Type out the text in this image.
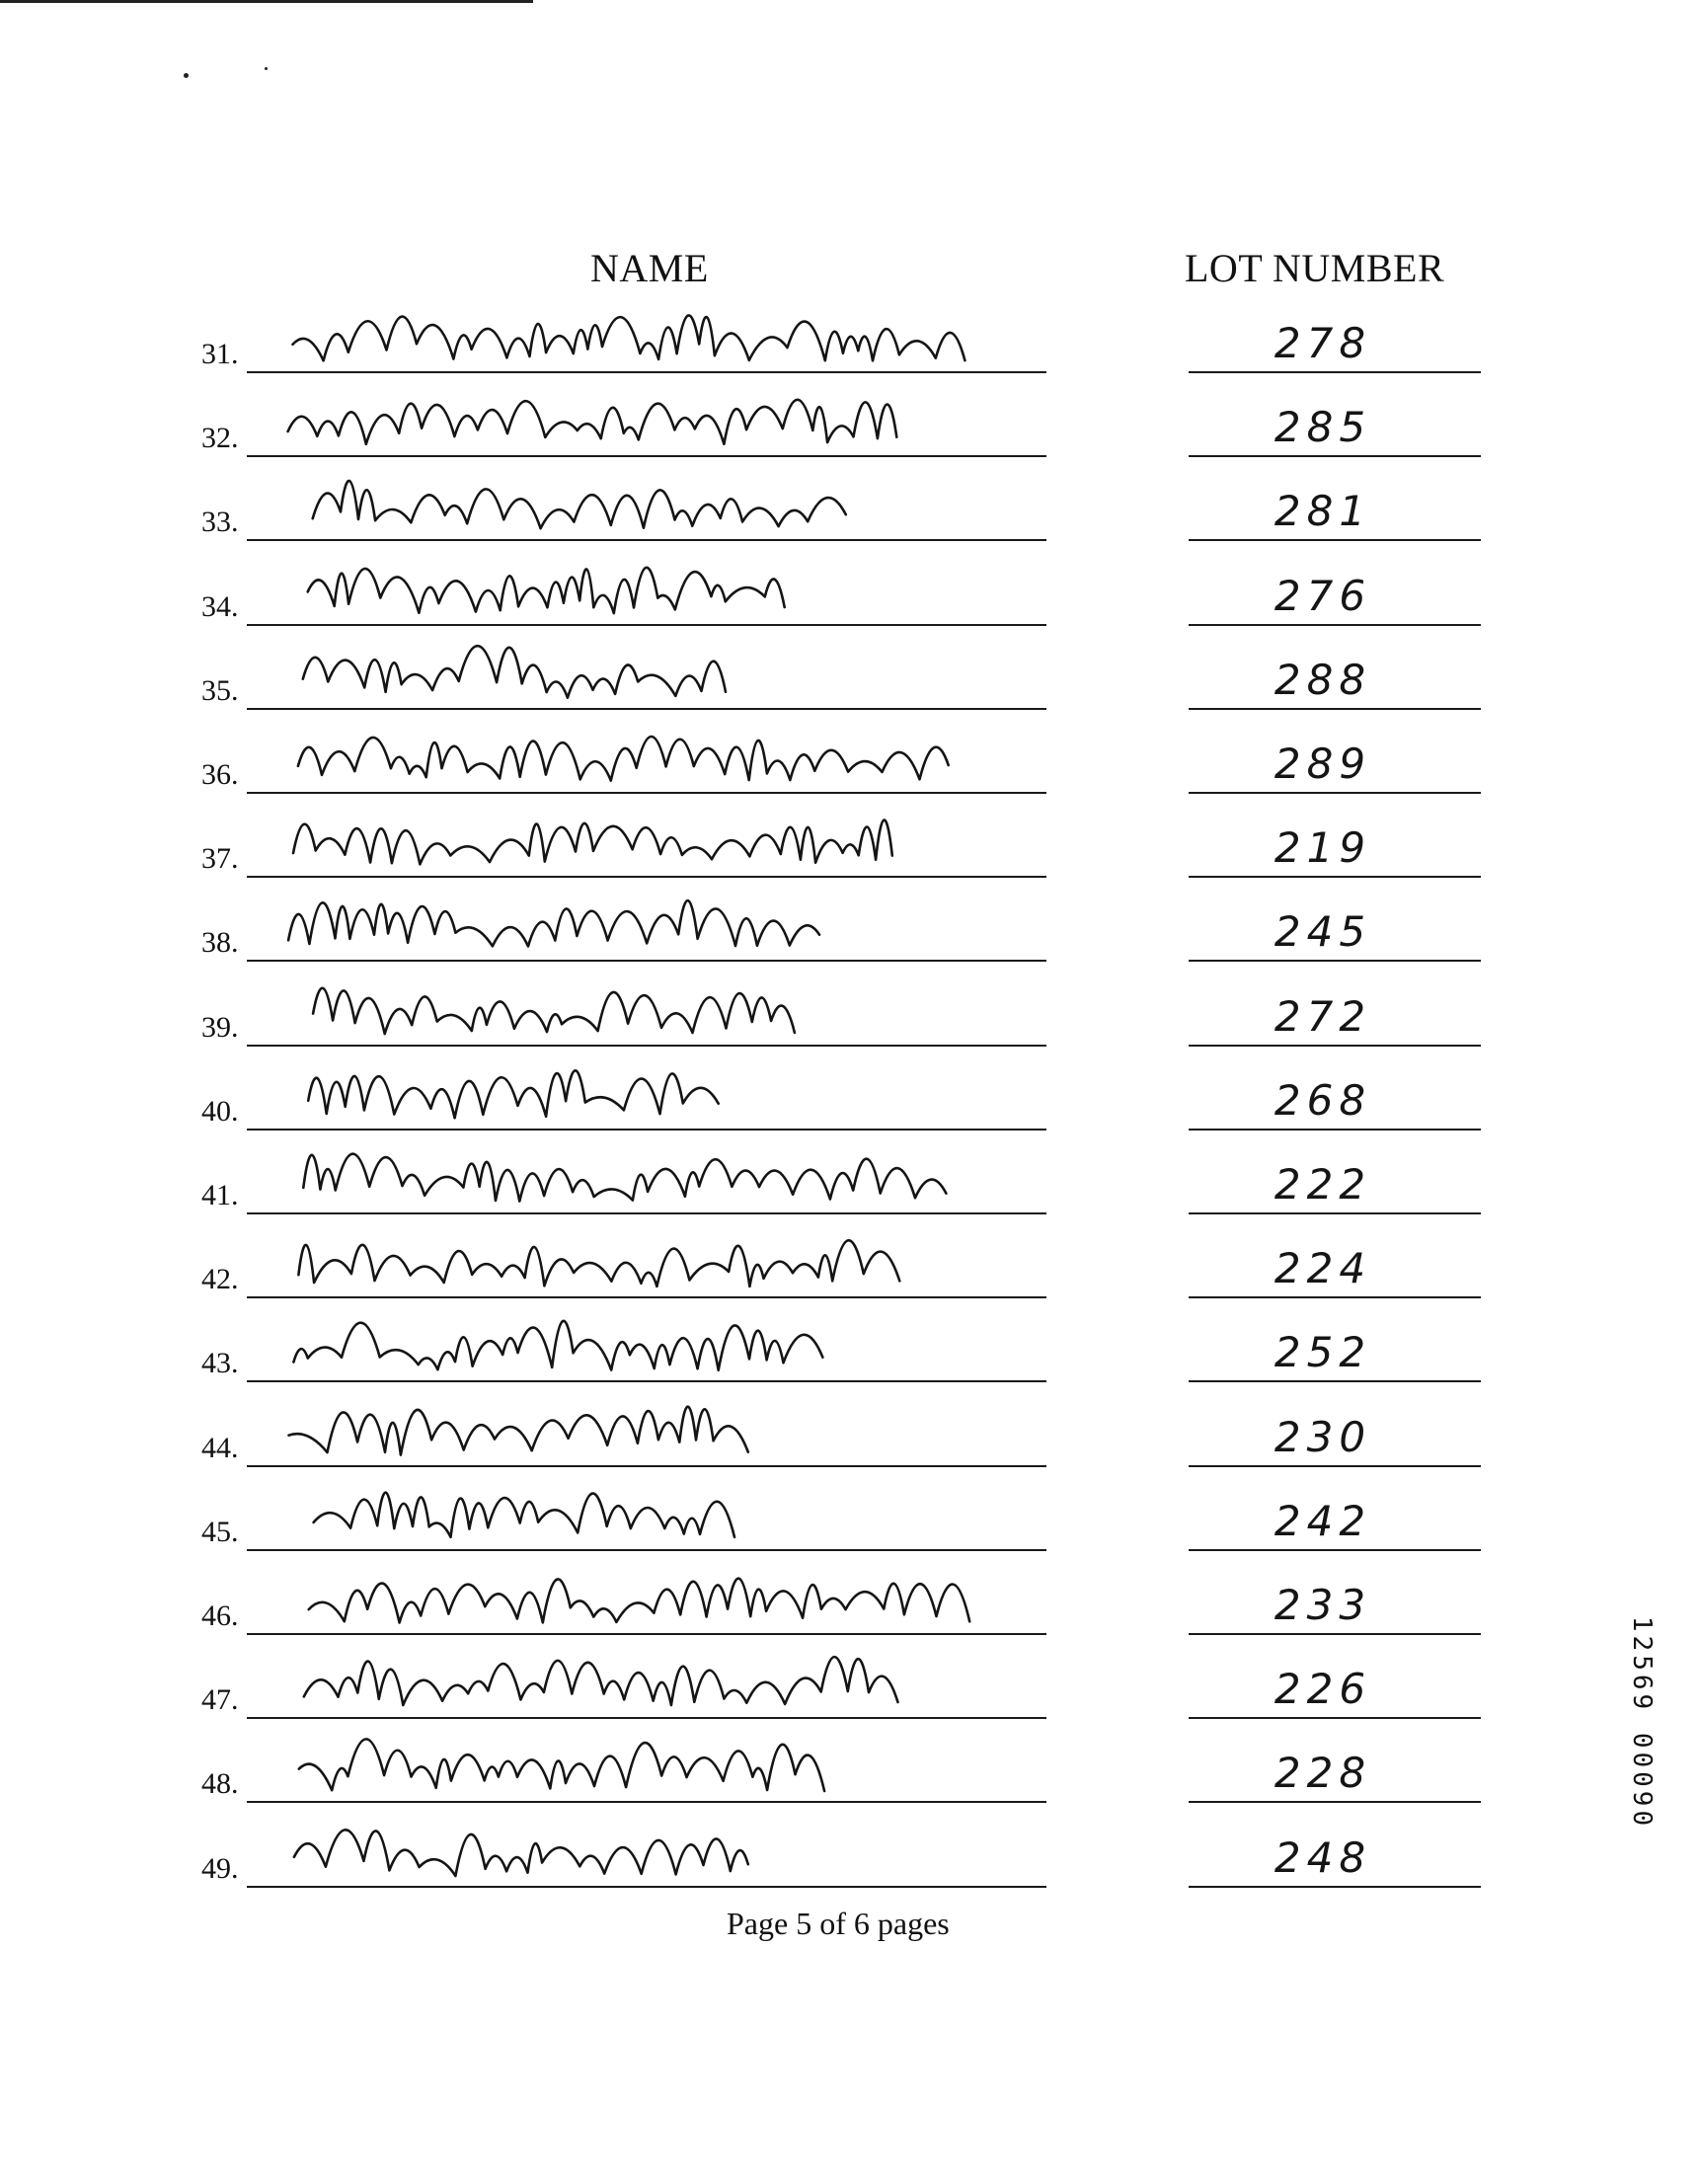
NAME	LOT NUMBER
31.	278
32.	285
33.	281
34.	276
35.	288
36.	289
37.	219
38.	245
39.	272
40.	268
41.	222
42.	224
43.	252
44.	230
45.	242
46.	233
47.	226
48.	228
49.	248
Page 5 of 6 pages
12569 00090
